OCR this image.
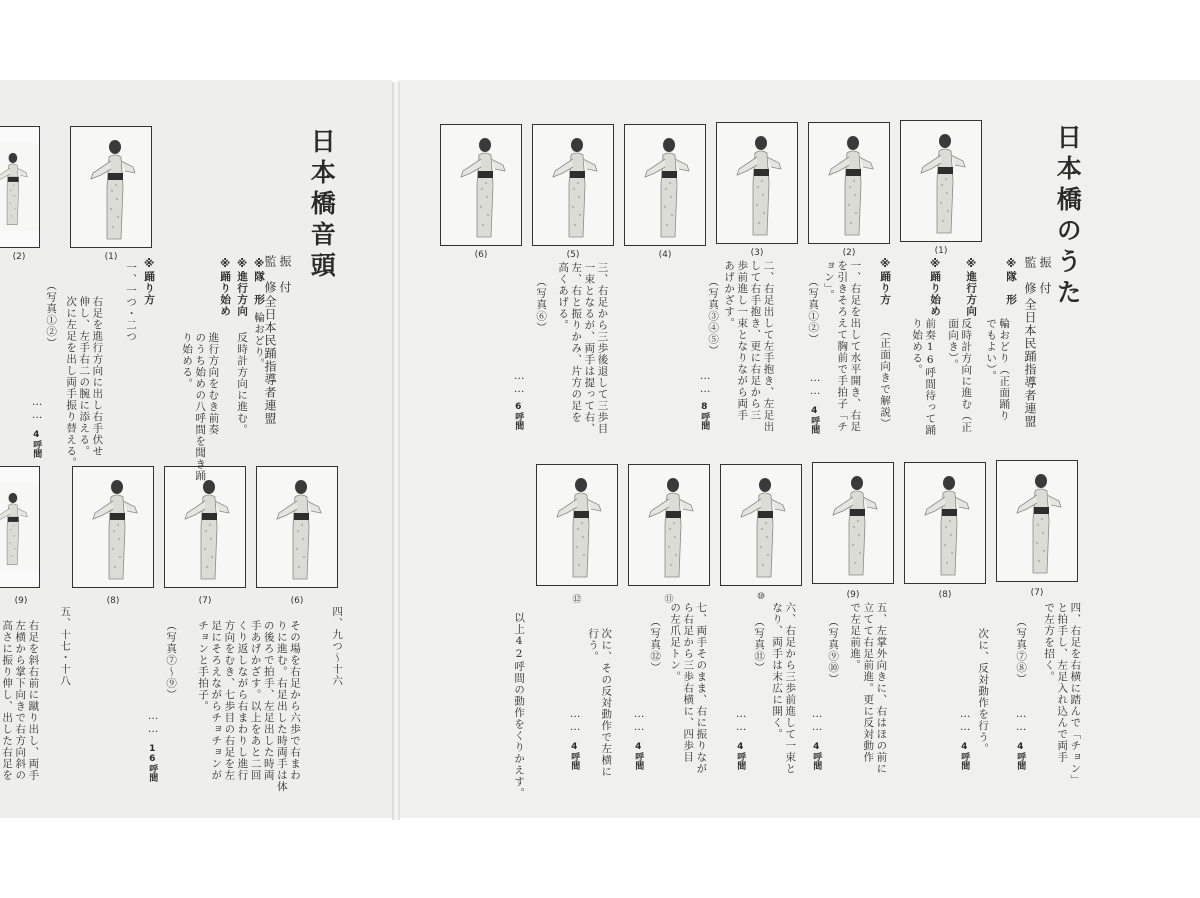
(2)	(1)
(9)	(8)	(7)	(6)
日本橋音頭
振　付
監　修
全日本民踊指導者連盟
※隊　形
輪おどり。
※進行方向
反時計方向に進む。
※踊り始め
進行方向をむき前奏
のうち始めの八呼間を聞き踊
り始める。
※踊り方
一、一つ・二つ
右足を進行方向に出し右手伏せ
伸し、左手右二の腕に添える。
次に左足を出し両手振り替える。
（写真①②）
……
4呼間
四、九つ〜十六
その場を右足から六歩で右まわ
りに進む。右足出した時両手は体
の後ろで拍手、左足出した時両
手あげかざす。以上をあと二回
くり返しながら右まわりし進行
方向をむき、七歩目の右足を左
足にそろえながらチョチョンが
チョンと手拍子。
（写真⑦〜⑨）
……
16呼間
五、十七・十八
右足を斜右前に蹴り出し、両手
左横から掌下向きで右方向斜の
高さに振り伸し、出した右足を
(6)	(5)	(4)	(3)	(2)	(1)
⑫	⑪	⑩	(9)	(8)	(7)
日本橋のうた
振　付
監　修
全日本民踊指導者連盟
※隊　形
輪おどり（正面踊り
でもよい）。
※進行方向
反時計方向に進む（正
面向き）。
※踊り始め
前奏16呼間待って踊
り始める。
※踊り方
（正面向きで解説）
一、右足を出して水平開き、右足
を引きそろえて胸前で手拍子「チ
ョン」。
（写真①②）
……
4呼間
二、右足出して左手抱き、左足出
して右手抱き、更に右足から三
歩前進し一束となりながら両手
あげかざす。
（写真③④⑤）
……
8呼間
三、右足から三歩後退して三歩目
一束となるが、両手は提って右、
左、右と振りかみ、片方の足を
高くあげる。
（写真⑥）
……
6呼間
四、右足を右横に踏んで「チョン」
と拍手し、左足入れ込んで両手
で左方を招く。
（写真⑦⑧）
……
4呼間
次に、反対動作を行う。
……
4呼間
五、左掌外向きに、右はほの前に
立てて右足前進。更に反対動作
で左足前進。
（写真⑨⑩）
……
4呼間
六、右足から三歩前進して一束と
なり、両手は末広に開く。
（写真⑪）
……
4呼間
七、両手そのまま、右に振りなが
ら右足から三歩右横に、四歩目
の左爪足トン。
（写真⑫）
……
4呼間
次に、その反対動作で左横に
行う。
……
4呼間
以上42呼間の動作をくりかえす。
